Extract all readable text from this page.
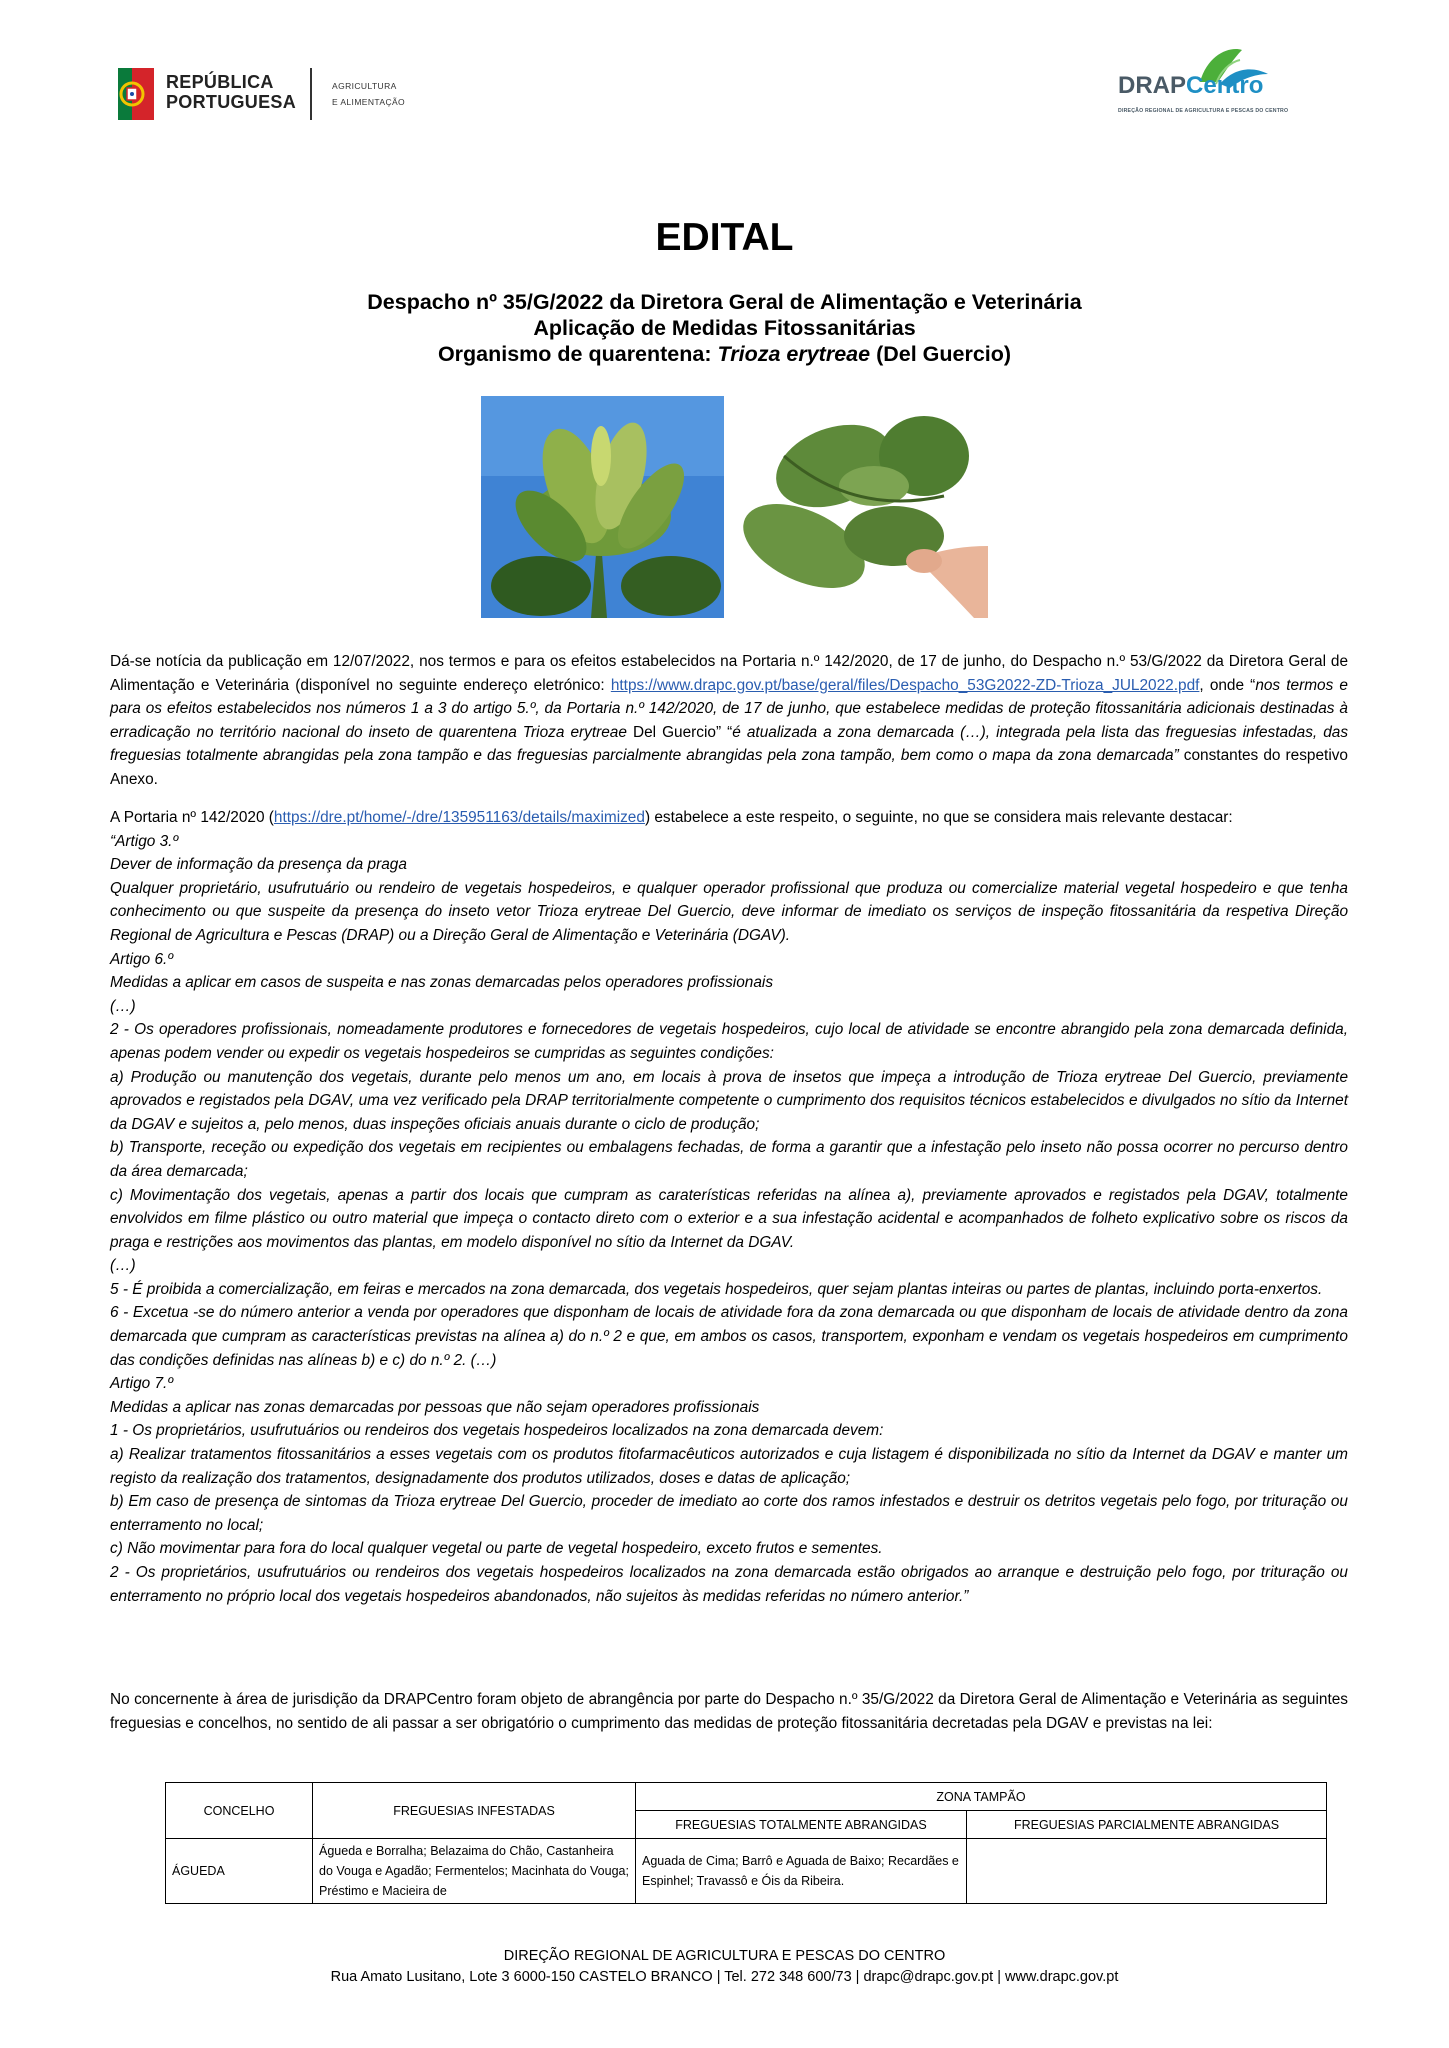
REPÚBLICA
PORTUGUESA
AGRICULTURA
E ALIMENTAÇÃO
DRAPCentro
DIREÇÃO REGIONAL DE AGRICULTURA E PESCAS DO CENTRO
EDITAL
Despacho nº 35/G/2022 da Diretora Geral de Alimentação e Veterinária
Aplicação de Medidas Fitossanitárias
Organismo de quarentena: Trioza erytreae (Del Guercio)

Dá-se notícia da publicação em 12/07/2022, nos termos e para os efeitos estabelecidos na Portaria n.º 142/2020, de 17 de junho, do Despacho n.º 53/G/2022 da Diretora Geral de Alimentação e Veterinária (disponível no seguinte endereço eletrónico: https://www.drapc.gov.pt/base/geral/files/Despacho_53G2022-ZD-Trioza_JUL2022.pdf, onde “nos termos e para os efeitos estabelecidos nos números 1 a 3 do artigo 5.º, da Portaria n.º 142/2020, de 17 de junho, que estabelece medidas de proteção fitossanitária adicionais destinadas à erradicação no território nacional do inseto de quarentena Trioza erytreae Del Guercio” “é atualizada a zona demarcada (…), integrada pela lista das freguesias infestadas, das freguesias totalmente abrangidas pela zona tampão e das freguesias parcialmente abrangidas pela zona tampão, bem como o mapa da zona demarcada” constantes do respetivo Anexo.

A Portaria nº 142/2020 (https://dre.pt/home/-/dre/135951163/details/maximized) estabelece a este respeito, o seguinte, no que se considera mais relevante destacar:

“Artigo 3.º

Dever de informação da presença da praga

Qualquer proprietário, usufrutuário ou rendeiro de vegetais hospedeiros, e qualquer operador profissional que produza ou comercialize material vegetal hospedeiro e que tenha conhecimento ou que suspeite da presença do inseto vetor Trioza erytreae Del Guercio, deve informar de imediato os serviços de inspeção fitossanitária da respetiva Direção Regional de Agricultura e Pescas (DRAP) ou a Direção Geral de Alimentação e Veterinária (DGAV).

Artigo 6.º

Medidas a aplicar em casos de suspeita e nas zonas demarcadas pelos operadores profissionais

(…)

2 - Os operadores profissionais, nomeadamente produtores e fornecedores de vegetais hospedeiros, cujo local de atividade se encontre abrangido pela zona demarcada definida, apenas podem vender ou expedir os vegetais hospedeiros se cumpridas as seguintes condições:

a) Produção ou manutenção dos vegetais, durante pelo menos um ano, em locais à prova de insetos que impeça a introdução de Trioza erytreae Del Guercio, previamente aprovados e registados pela DGAV, uma vez verificado pela DRAP territorialmente competente o cumprimento dos requisitos técnicos estabelecidos e divulgados no sítio da Internet da DGAV e sujeitos a, pelo menos, duas inspeções oficiais anuais durante o ciclo de produção;

b) Transporte, receção ou expedição dos vegetais em recipientes ou embalagens fechadas, de forma a garantir que a infestação pelo inseto não possa ocorrer no percurso dentro da área demarcada;

c) Movimentação dos vegetais, apenas a partir dos locais que cumpram as caraterísticas referidas na alínea a), previamente aprovados e registados pela DGAV, totalmente envolvidos em filme plástico ou outro material que impeça o contacto direto com o exterior e a sua infestação acidental e acompanhados de folheto explicativo sobre os riscos da praga e restrições aos movimentos das plantas, em modelo disponível no sítio da Internet da DGAV.

(…)

5 - É proibida a comercialização, em feiras e mercados na zona demarcada, dos vegetais hospedeiros, quer sejam plantas inteiras ou partes de plantas, incluindo porta-enxertos.

6 - Excetua -se do número anterior a venda por operadores que disponham de locais de atividade fora da zona demarcada ou que disponham de locais de atividade dentro da zona demarcada que cumpram as características previstas na alínea a) do n.º 2 e que, em ambos os casos, transportem, exponham e vendam os vegetais hospedeiros em cumprimento das condições definidas nas alíneas b) e c) do n.º 2. (…)

Artigo 7.º

Medidas a aplicar nas zonas demarcadas por pessoas que não sejam operadores profissionais

1 - Os proprietários, usufrutuários ou rendeiros dos vegetais hospedeiros localizados na zona demarcada devem:

a) Realizar tratamentos fitossanitários a esses vegetais com os produtos fitofarmacêuticos autorizados e cuja listagem é disponibilizada no sítio da Internet da DGAV e manter um registo da realização dos tratamentos, designadamente dos produtos utilizados, doses e datas de aplicação;

b) Em caso de presença de sintomas da Trioza erytreae Del Guercio, proceder de imediato ao corte dos ramos infestados e destruir os detritos vegetais pelo fogo, por trituração ou enterramento no local;

c) Não movimentar para fora do local qualquer vegetal ou parte de vegetal hospedeiro, exceto frutos e sementes.

2 - Os proprietários, usufrutuários ou rendeiros dos vegetais hospedeiros localizados na zona demarcada estão obrigados ao arranque e destruição pelo fogo, por trituração ou enterramento no próprio local dos vegetais hospedeiros abandonados, não sujeitos às medidas referidas no número anterior.”

No concernente à área de jurisdição da DRAPCentro foram objeto de abrangência por parte do Despacho n.º 35/G/2022 da Diretora Geral de Alimentação e Veterinária as seguintes freguesias e concelhos, no sentido de ali passar a ser obrigatório o cumprimento das medidas de proteção fitossanitária decretadas pela DGAV e previstas na lei:

CONCELHO	FREGUESIAS INFESTADAS	ZONA TAMPÃO	
		FREGUESIAS TOTALMENTE ABRANGIDAS	FREGUESIAS PARCIALMENTE ABRANGIDAS
ÁGUEDA	Águeda e Borralha; Belazaima do Chão, Castanheira do Vouga e Agadão; Fermentelos; Macinhata do Vouga; Préstimo e Macieira de	Aguada de Cima; Barrô e Aguada de Baixo; Recardães e Espinhel; Travassô e Óis da Ribeira.	
DIREÇÃO REGIONAL DE AGRICULTURA E PESCAS DO CENTRO
Rua Amato Lusitano, Lote 3 6000-150 CASTELO BRANCO | Tel. 272 348 600/73 | drapc@drapc.gov.pt | www.drapc.gov.pt
